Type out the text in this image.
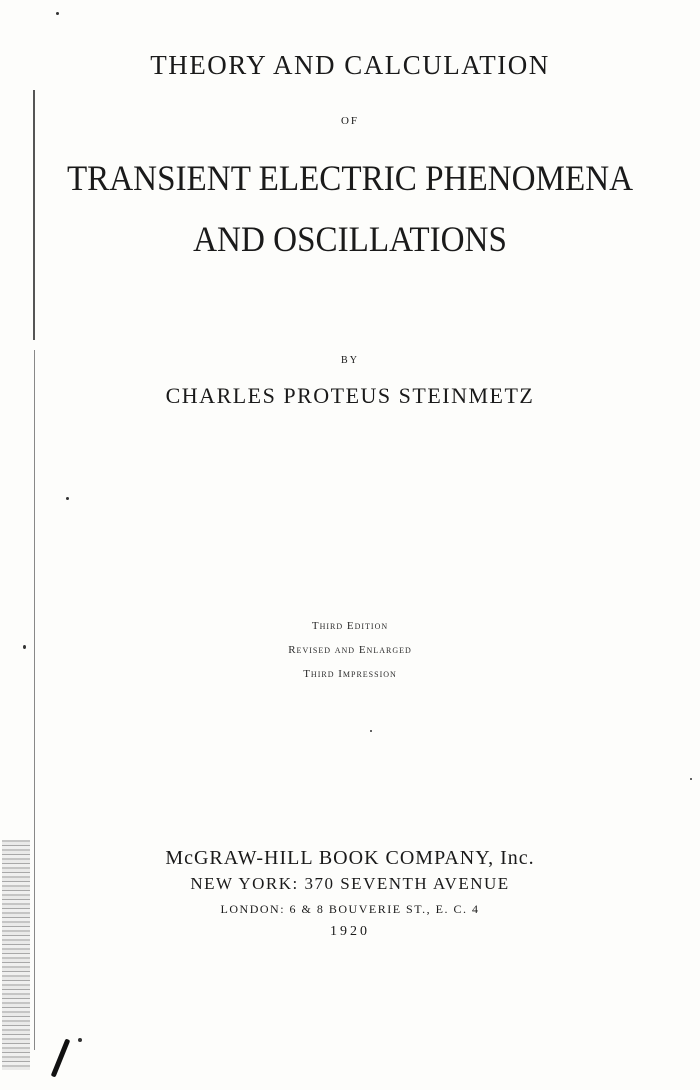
THEORY AND CALCULATION
OF
TRANSIENT ELECTRIC PHENOMENA
AND OSCILLATIONS
BY
CHARLES PROTEUS STEINMETZ
Third Edition
Revised and Enlarged
Third Impression
McGRAW-HILL BOOK COMPANY, Inc.
NEW YORK: 370 SEVENTH AVENUE
LONDON: 6 & 8 BOUVERIE ST., E. C. 4
1920
